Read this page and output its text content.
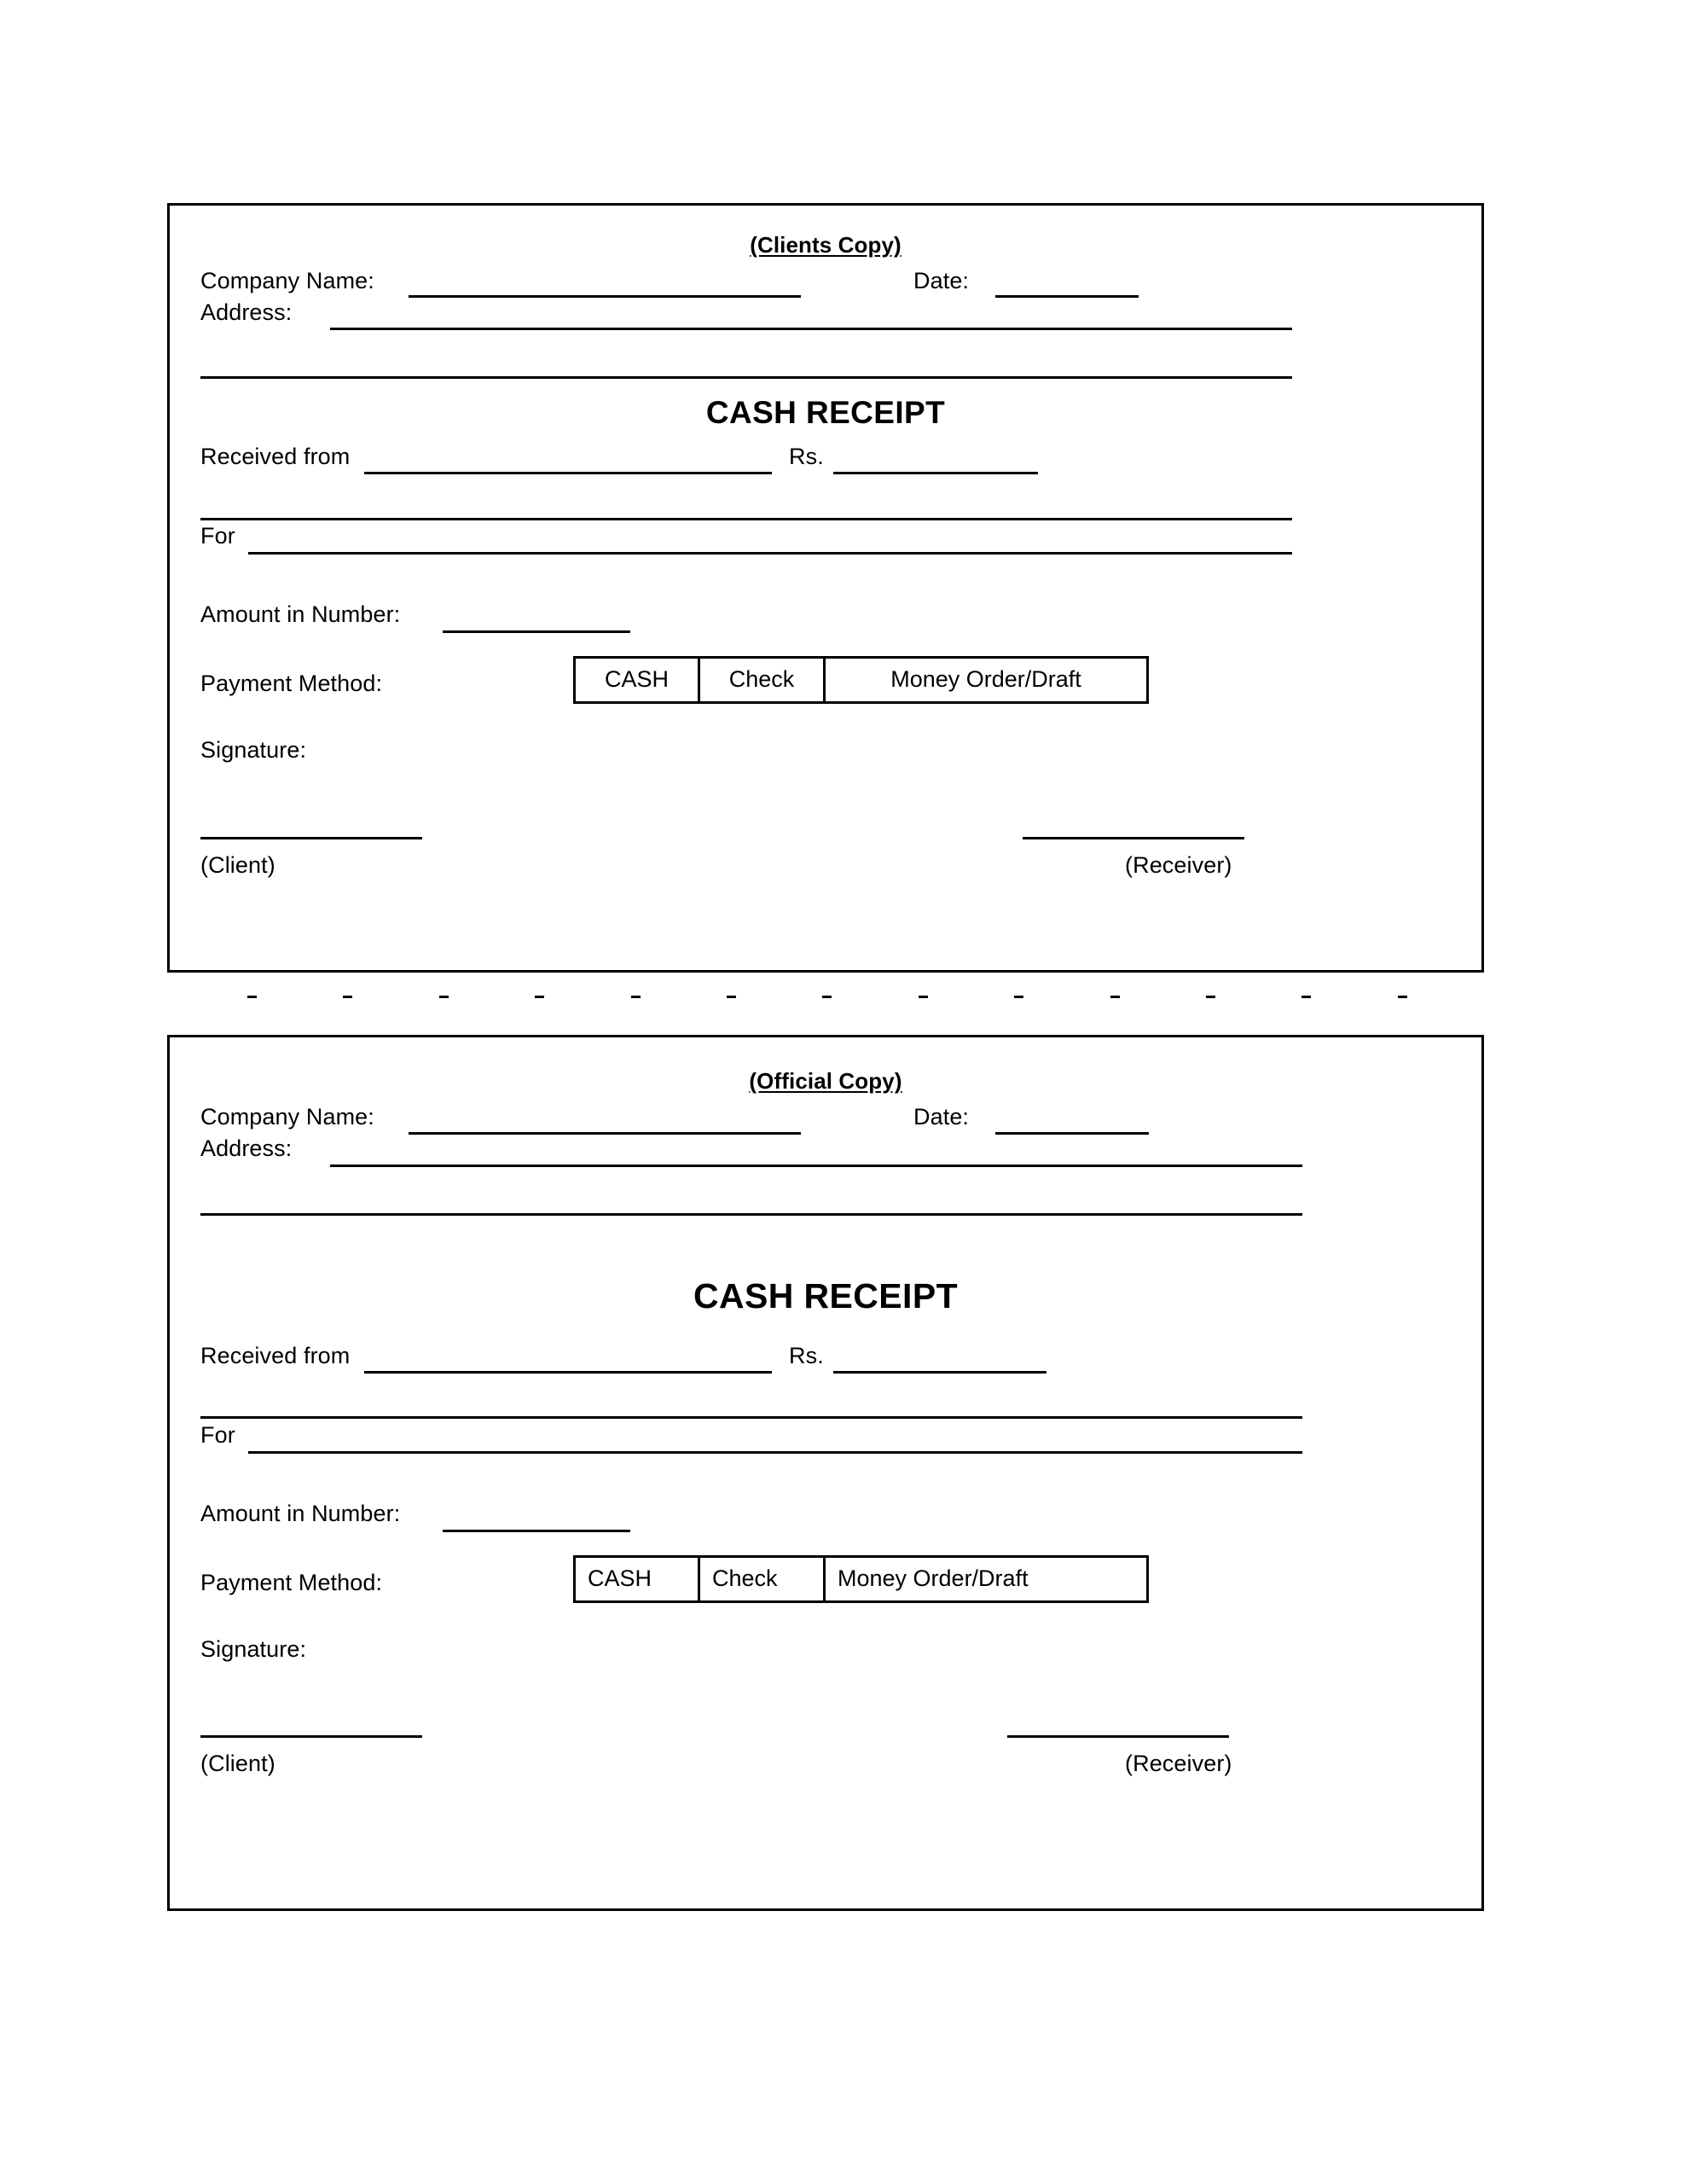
(Clients Copy)
Company Name:	Date:
Address:
CASH RECEIPT
Received from	Rs.
For
Amount in Number:
Payment Method:	CASH	Check	Money Order/Draft
Signature:
(Client)	(Receiver)
(Official Copy)
Company Name:	Date:
Address:
CASH RECEIPT
Received from	Rs.
For
Amount in Number:
Payment Method:	CASH	Check	Money Order/Draft
Signature:
(Client)	(Receiver)
